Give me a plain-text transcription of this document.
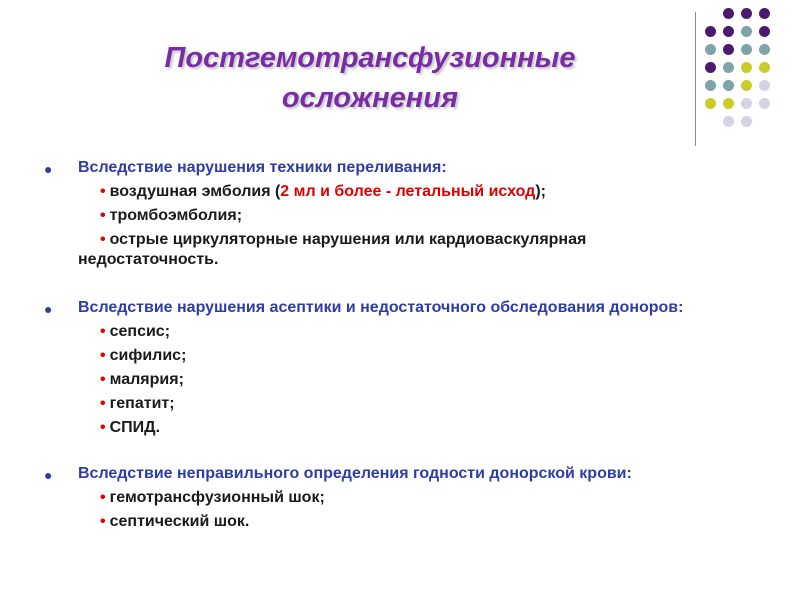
Постгемотрансфузионные
осложнения
● Вследствие нарушения техники переливания:
• воздушная эмболия (2 мл и более - летальный исход);
• тромбоэмболия;
• острые циркуляторные нарушения или кардиоваскулярная недостаточность.
● Вследствие нарушения асептики и недостаточного обследования доноров:
• сепсис;
• сифилис;
• малярия;
• гепатит;
• СПИД.
● Вследствие неправильного определения годности донорской крови:
• гемотрансфузионный шок;
• септический шок.
